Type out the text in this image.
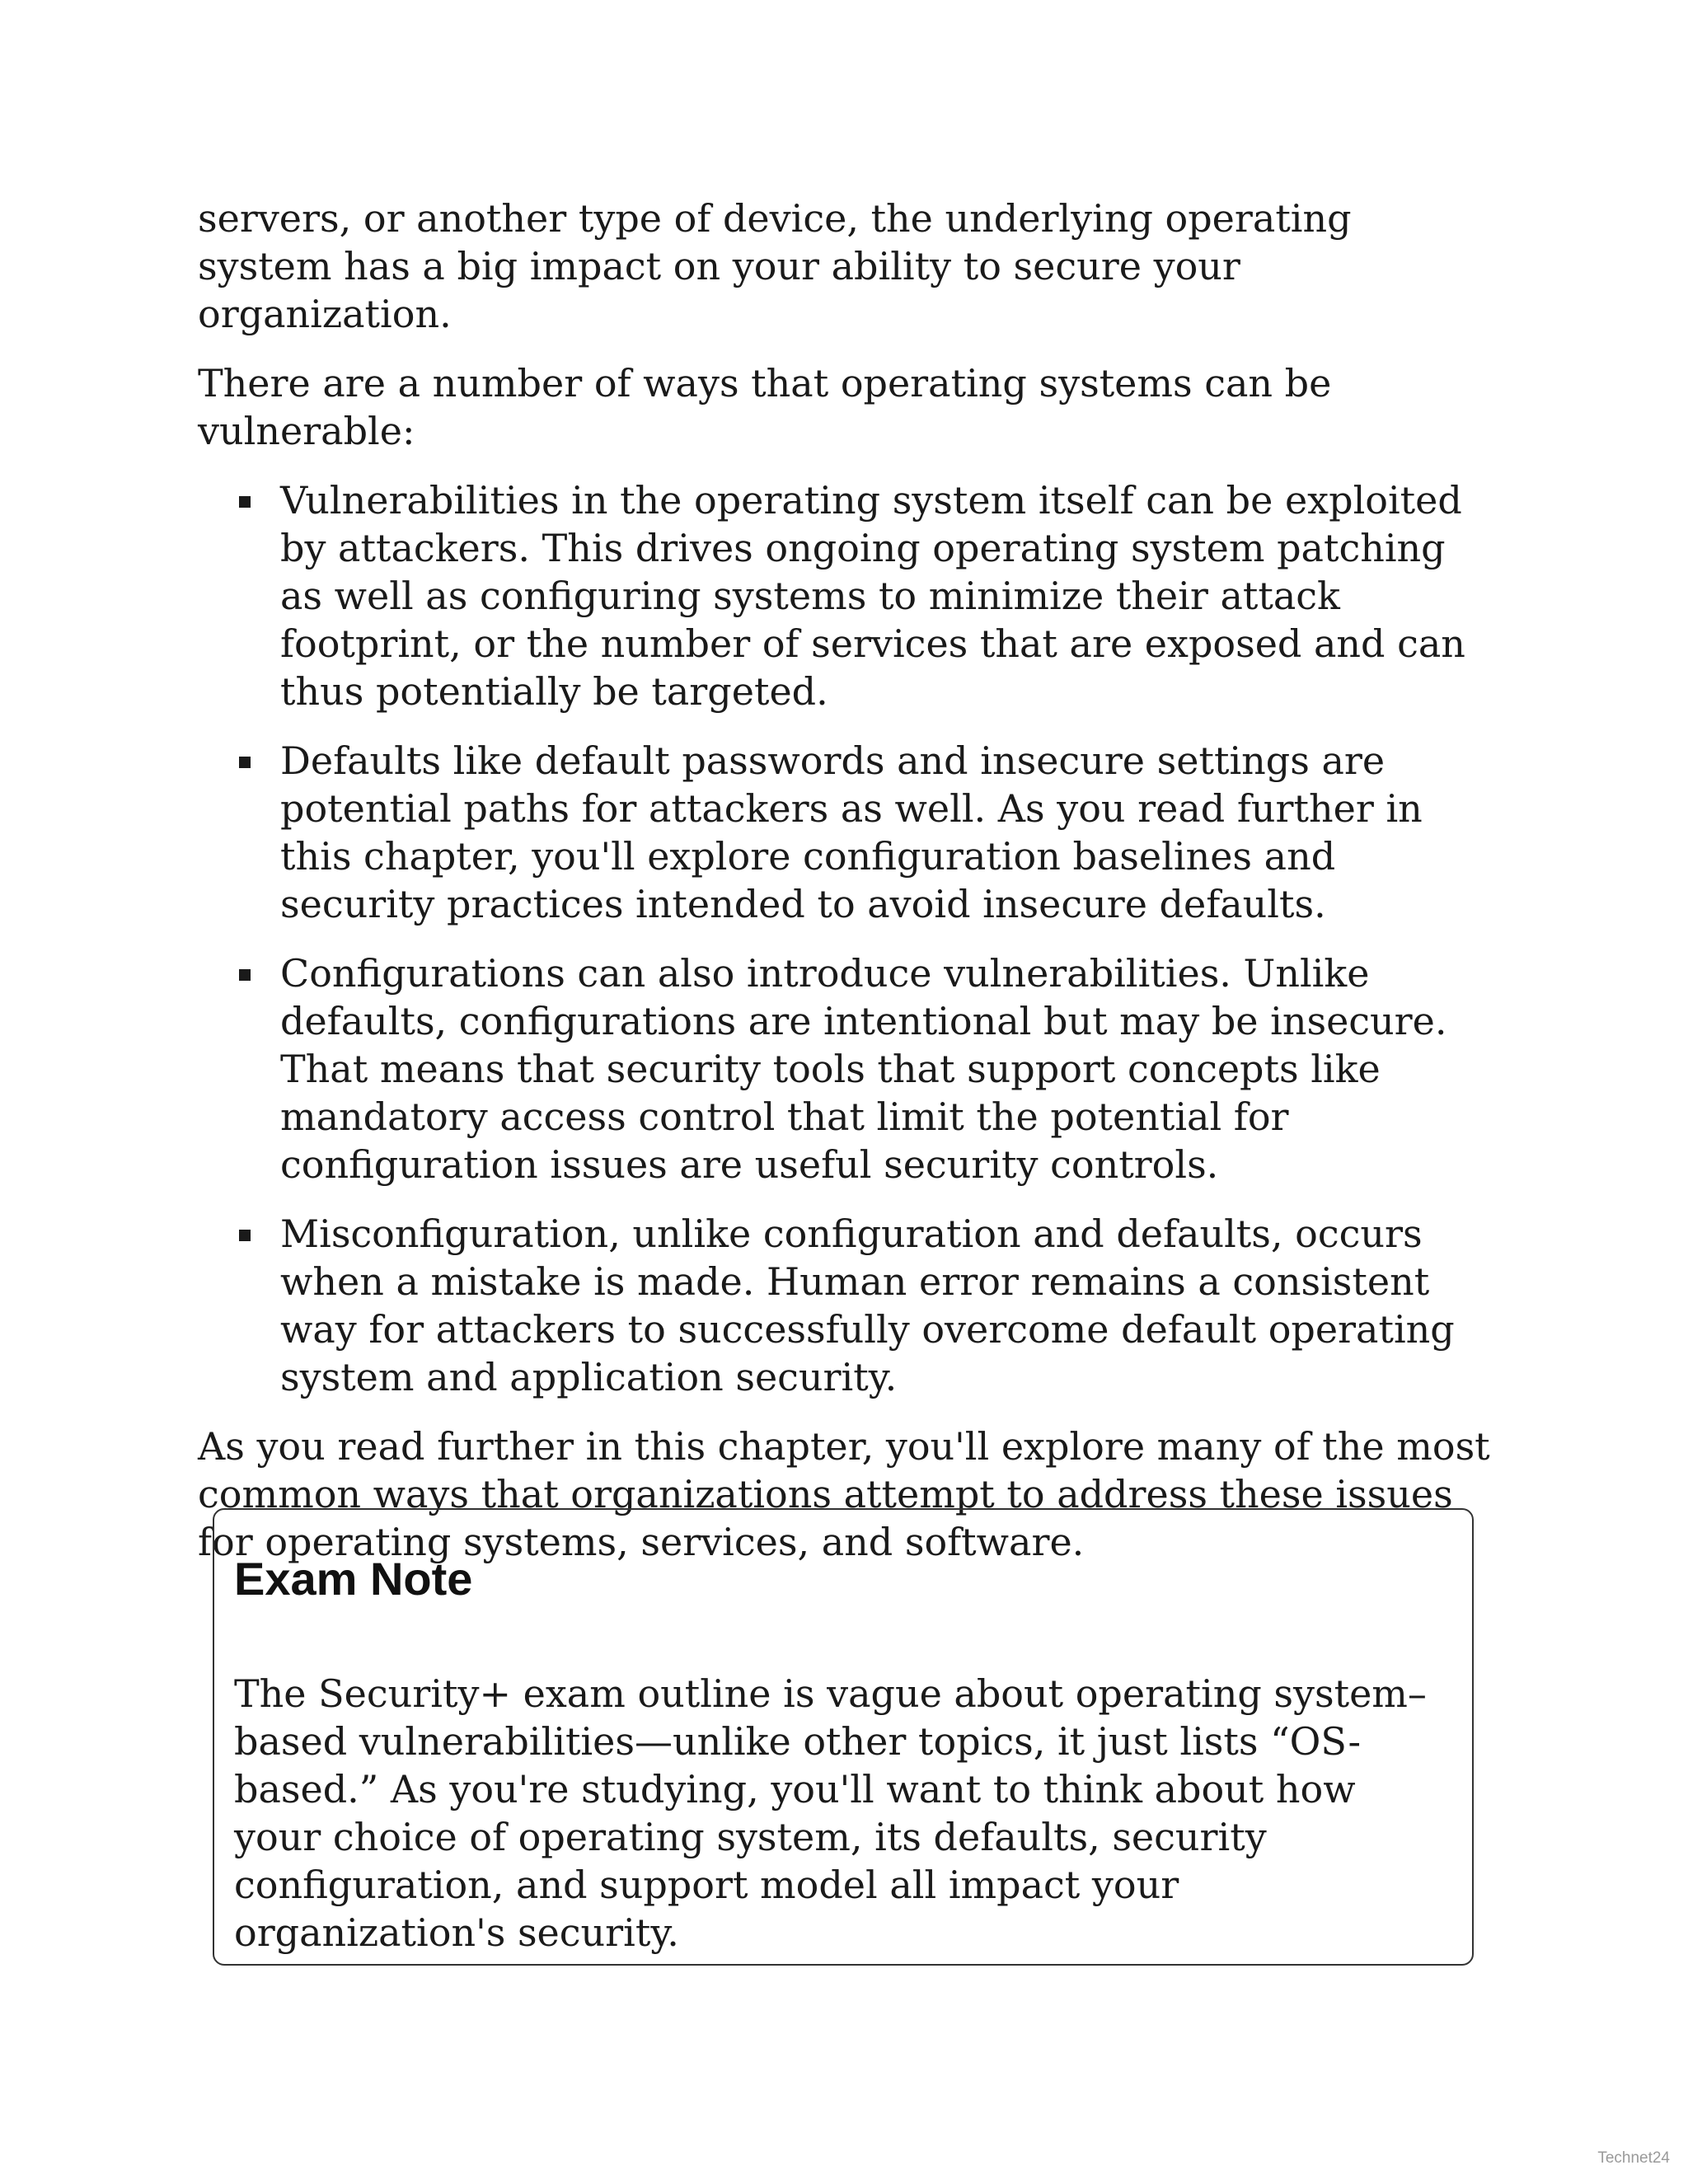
servers, or another type of device, the underlying operating system has a big impact on your ability to secure your organization.

There are a number of ways that operating systems can be vulnerable:

Vulnerabilities in the operating system itself can be exploited by attackers. This drives ongoing operating system patching as well as configuring systems to minimize their attack footprint, or the number of services that are exposed and can thus potentially be targeted.
Defaults like default passwords and insecure settings are potential paths for attackers as well. As you read further in this chapter, you'll explore configuration baselines and security practices intended to avoid insecure defaults.
Configurations can also introduce vulnerabilities. Unlike defaults, configurations are intentional but may be insecure. That means that security tools that support concepts like mandatory access control that limit the potential for configuration issues are useful security controls.
Misconfiguration, unlike configuration and defaults, occurs when a mistake is made. Human error remains a consistent way for attackers to successfully overcome default operating system and application security.

As you read further in this chapter, you'll explore many of the most common ways that organizations attempt to address these issues for operating systems, services, and software.

Exam Note

The Security+ exam outline is vague about operating system–based vulnerabilities—unlike other topics, it just lists “OS-based.” As you're studying, you'll want to think about how your choice of operating system, its defaults, security configuration, and support model all impact your organization's security.

Technet24
